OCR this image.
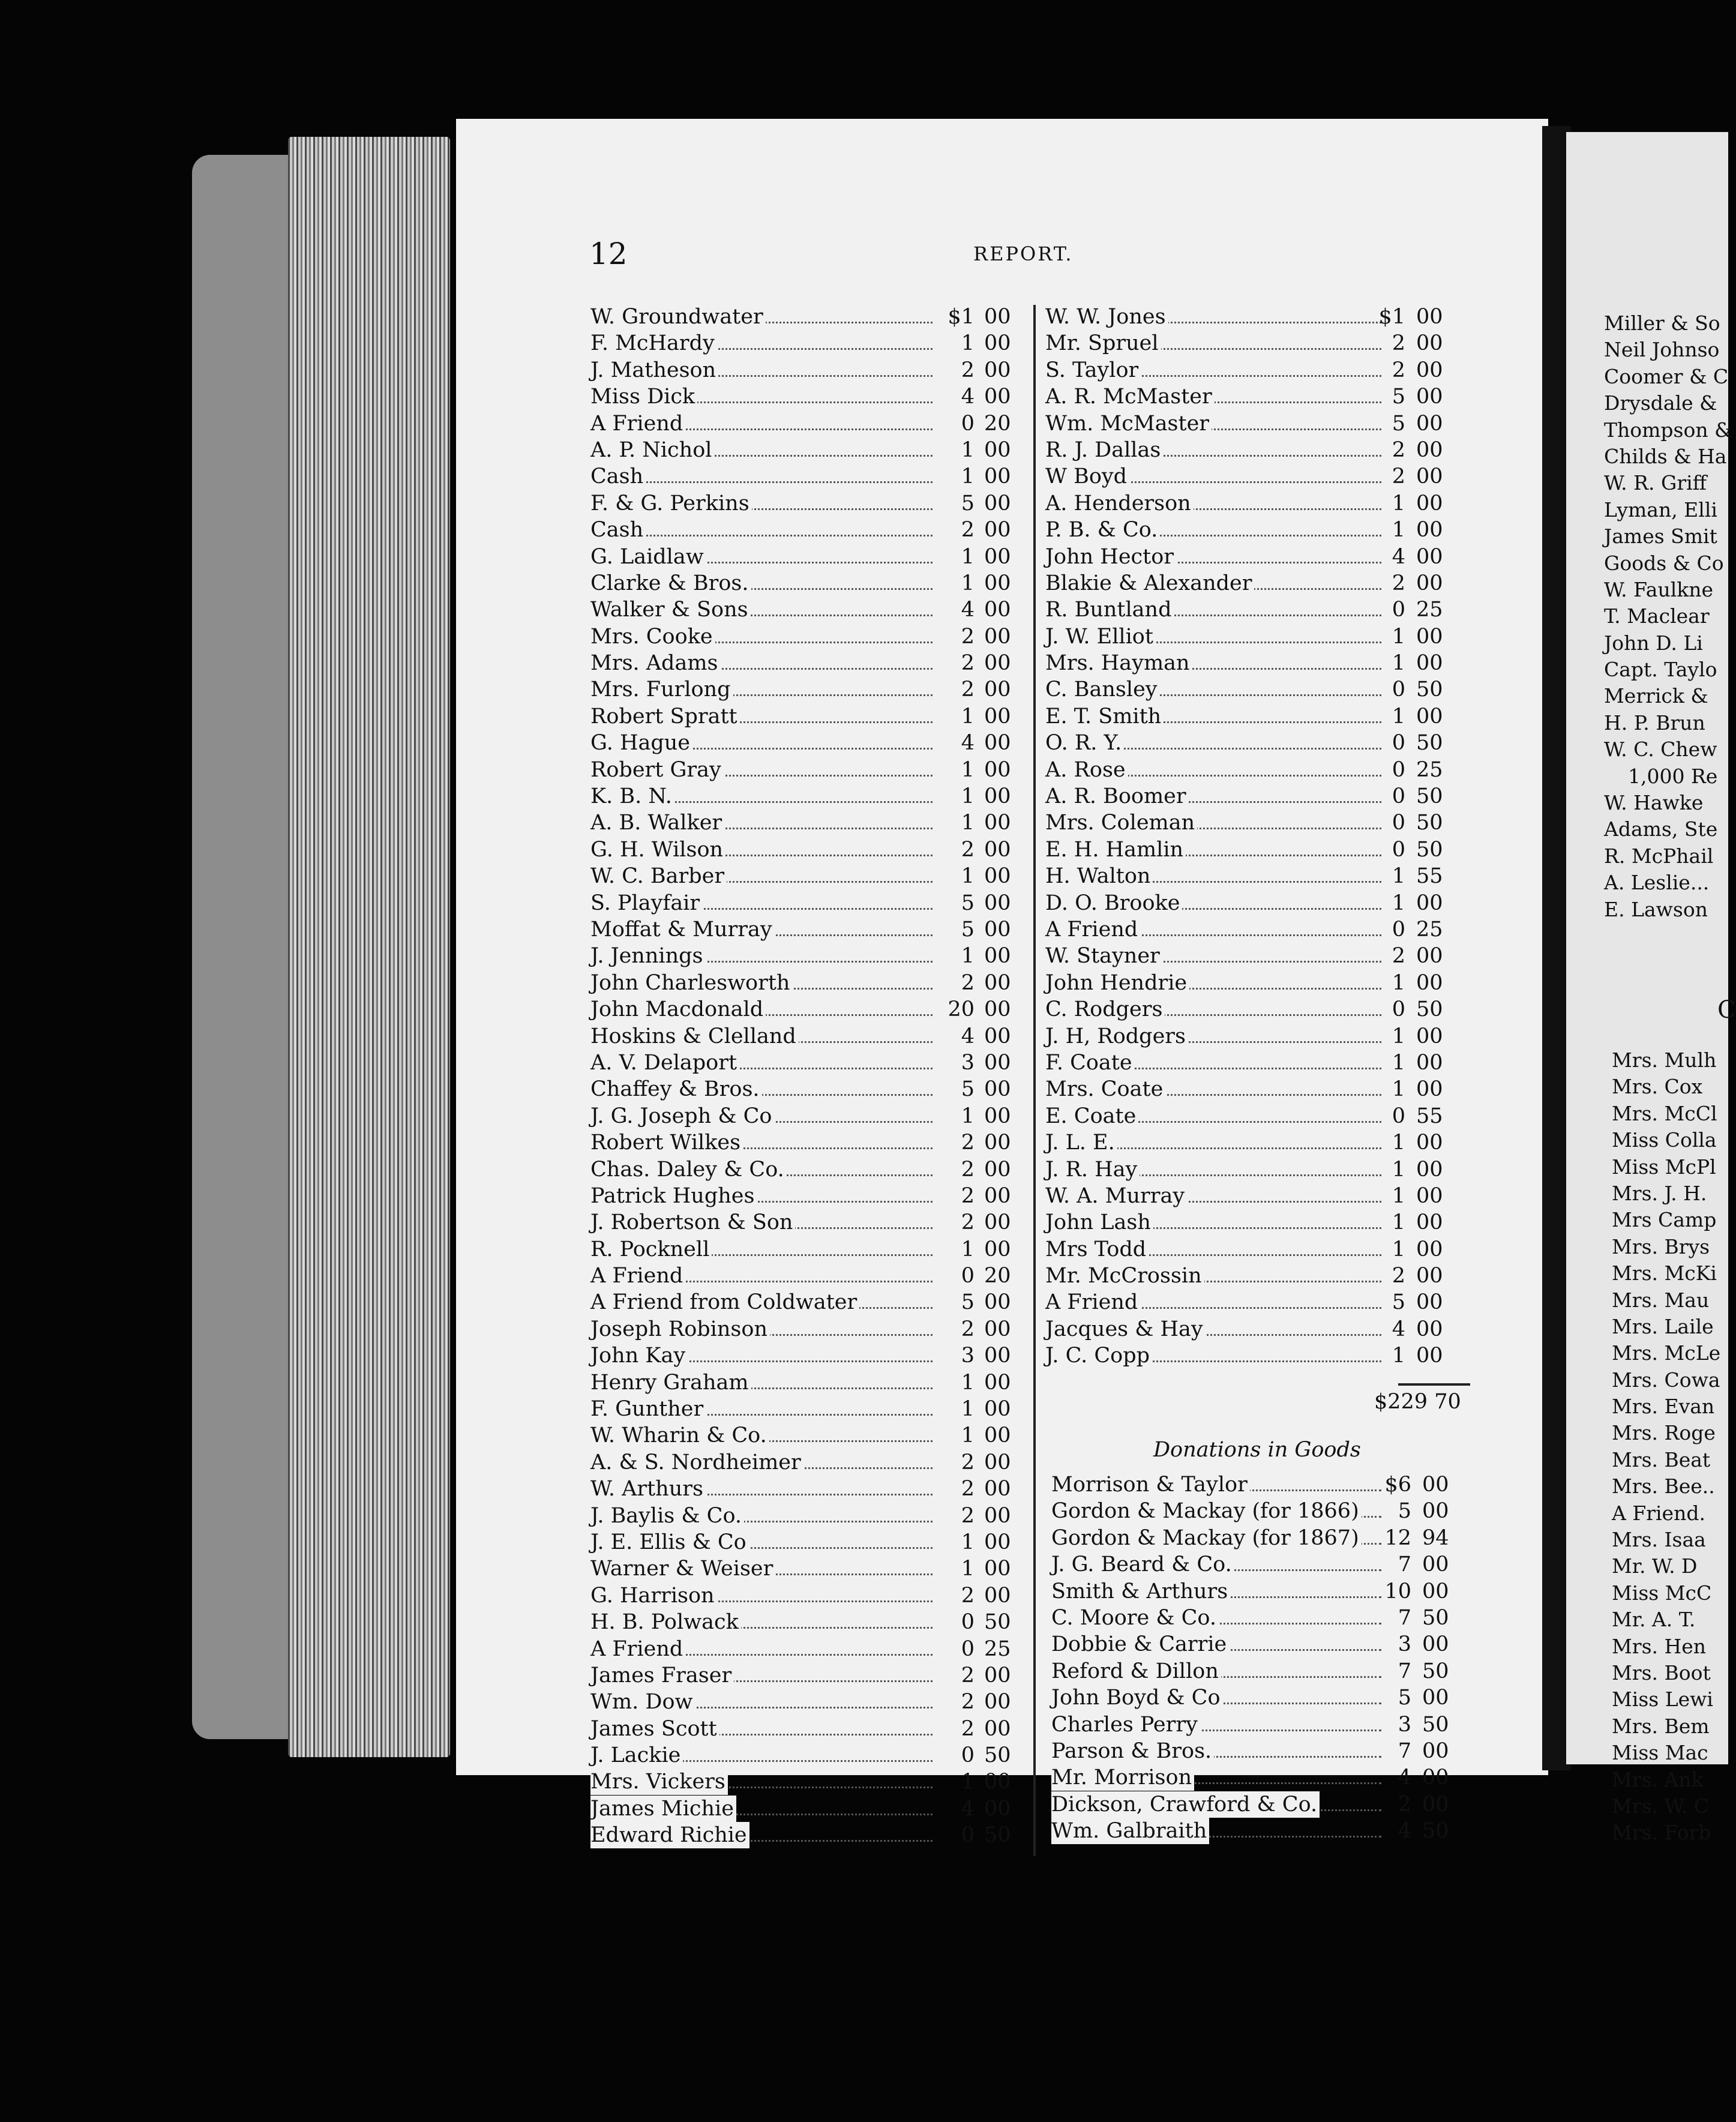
12	REPORT.
W. Groundwater	$1 00
F. McHardy	1 00
J. Matheson	2 00
Miss Dick	4 00
A Friend	0 20
A. P. Nichol	1 00
Cash	1 00
F. & G. Perkins	5 00
Cash	2 00
G. Laidlaw	1 00
Clarke & Bros.	1 00
Walker & Sons	4 00
Mrs. Cooke	2 00
Mrs. Adams	2 00
Mrs. Furlong	2 00
Robert Spratt	1 00
G. Hague	4 00
Robert Gray	1 00
K. B. N.	1 00
A. B. Walker	1 00
G. H. Wilson	2 00
W. C. Barber	1 00
S. Playfair	5 00
Moffat & Murray	5 00
J. Jennings	1 00
John Charlesworth	2 00
John Macdonald	20 00
Hoskins & Clelland	4 00
A. V. Delaport	3 00
Chaffey & Bros.	5 00
J. G. Joseph & Co	1 00
Robert Wilkes	2 00
Chas. Daley & Co.	2 00
Patrick Hughes	2 00
J. Robertson & Son	2 00
R. Pocknell	1 00
A Friend	0 20
A Friend from Coldwater	5 00
Joseph Robinson	2 00
John Kay	3 00
Henry Graham	1 00
F. Gunther	1 00
W. Wharin & Co.	1 00
A. & S. Nordheimer	2 00
W. Arthurs	2 00
J. Baylis & Co.	2 00
J. E. Ellis & Co	1 00
Warner & Weiser	1 00
G. Harrison	2 00
H. B. Polwack	0 50
A Friend	0 25
James Fraser	2 00
Wm. Dow	2 00
James Scott	2 00
J. Lackie	0 50
Mrs. Vickers	1 00
James Michie	4 00
Edward Richie	0 50
W. W. Jones	$1 00
Mr. Spruel	2 00
S. Taylor	2 00
A. R. McMaster	5 00
Wm. McMaster	5 00
R. J. Dallas	2 00
W Boyd	2 00
A. Henderson	1 00
P. B. & Co.	1 00
John Hector	4 00
Blakie & Alexander	2 00
R. Buntland	0 25
J. W. Elliot	1 00
Mrs. Hayman	1 00
C. Bansley	0 50
E. T. Smith	1 00
O. R. Y.	0 50
A. Rose	0 25
A. R. Boomer	0 50
Mrs. Coleman	0 50
E. H. Hamlin	0 50
H. Walton	1 55
D. O. Brooke	1 00
A Friend	0 25
W. Stayner	2 00
John Hendrie	1 00
C. Rodgers	0 50
J. H, Rodgers	1 00
F. Coate	1 00
Mrs. Coate	1 00
E. Coate	0 55
J. L. E.	1 00
J. R. Hay	1 00
W. A. Murray	1 00
John Lash	1 00
Mrs Todd	1 00
Mr. McCrossin	2 00
A Friend	5 00
Jacques & Hay	4 00
J. C. Copp	1 00
$229 70
Donations in Goods
Morrison & Taylor	$6 00
Gordon & Mackay (for 1866)	5 00
Gordon & Mackay (for 1867)	12 94
J. G. Beard & Co.	7 00
Smith & Arthurs	10 00
C. Moore & Co.	7 50
Dobbie & Carrie	3 00
Reford & Dillon	7 50
John Boyd & Co	5 00
Charles Perry	3 50
Parson & Bros.	7 00
Mr. Morrison	4 00
Dickson, Crawford & Co.	2 00
Wm. Galbraith	4 50
Miller & So
Neil Johnso
Coomer & C
Drysdale &
Thompson &
Childs & Ha
W. R. Griff
Lyman, Elli
James Smit
Goods & Co
W. Faulkne
T. Maclear
John D. Li
Capt. Taylo
Merrick &
H. P. Brun
W. C. Chew
1,000 Re
W. Hawke
Adams, Ste
R. McPhail
A. Leslie...
E. Lawson
C
Mrs. Mulh
Mrs. Cox
Mrs. McCl
Miss Colla
Miss McPl
Mrs. J. H.
Mrs Camp
Mrs. Brys
Mrs. McKi
Mrs. Mau
Mrs. Laile
Mrs. McLe
Mrs. Cowa
Mrs. Evan
Mrs. Roge
Mrs. Beat
Mrs. Bee..
A Friend.
Mrs. Isaa
Mr. W. D
Miss McC
Mr. A. T.
Mrs. Hen
Mrs. Boot
Miss Lewi
Mrs. Bem
Miss Mac
Mrs. Ank
Mrs. W. C
Mrs. Forb
